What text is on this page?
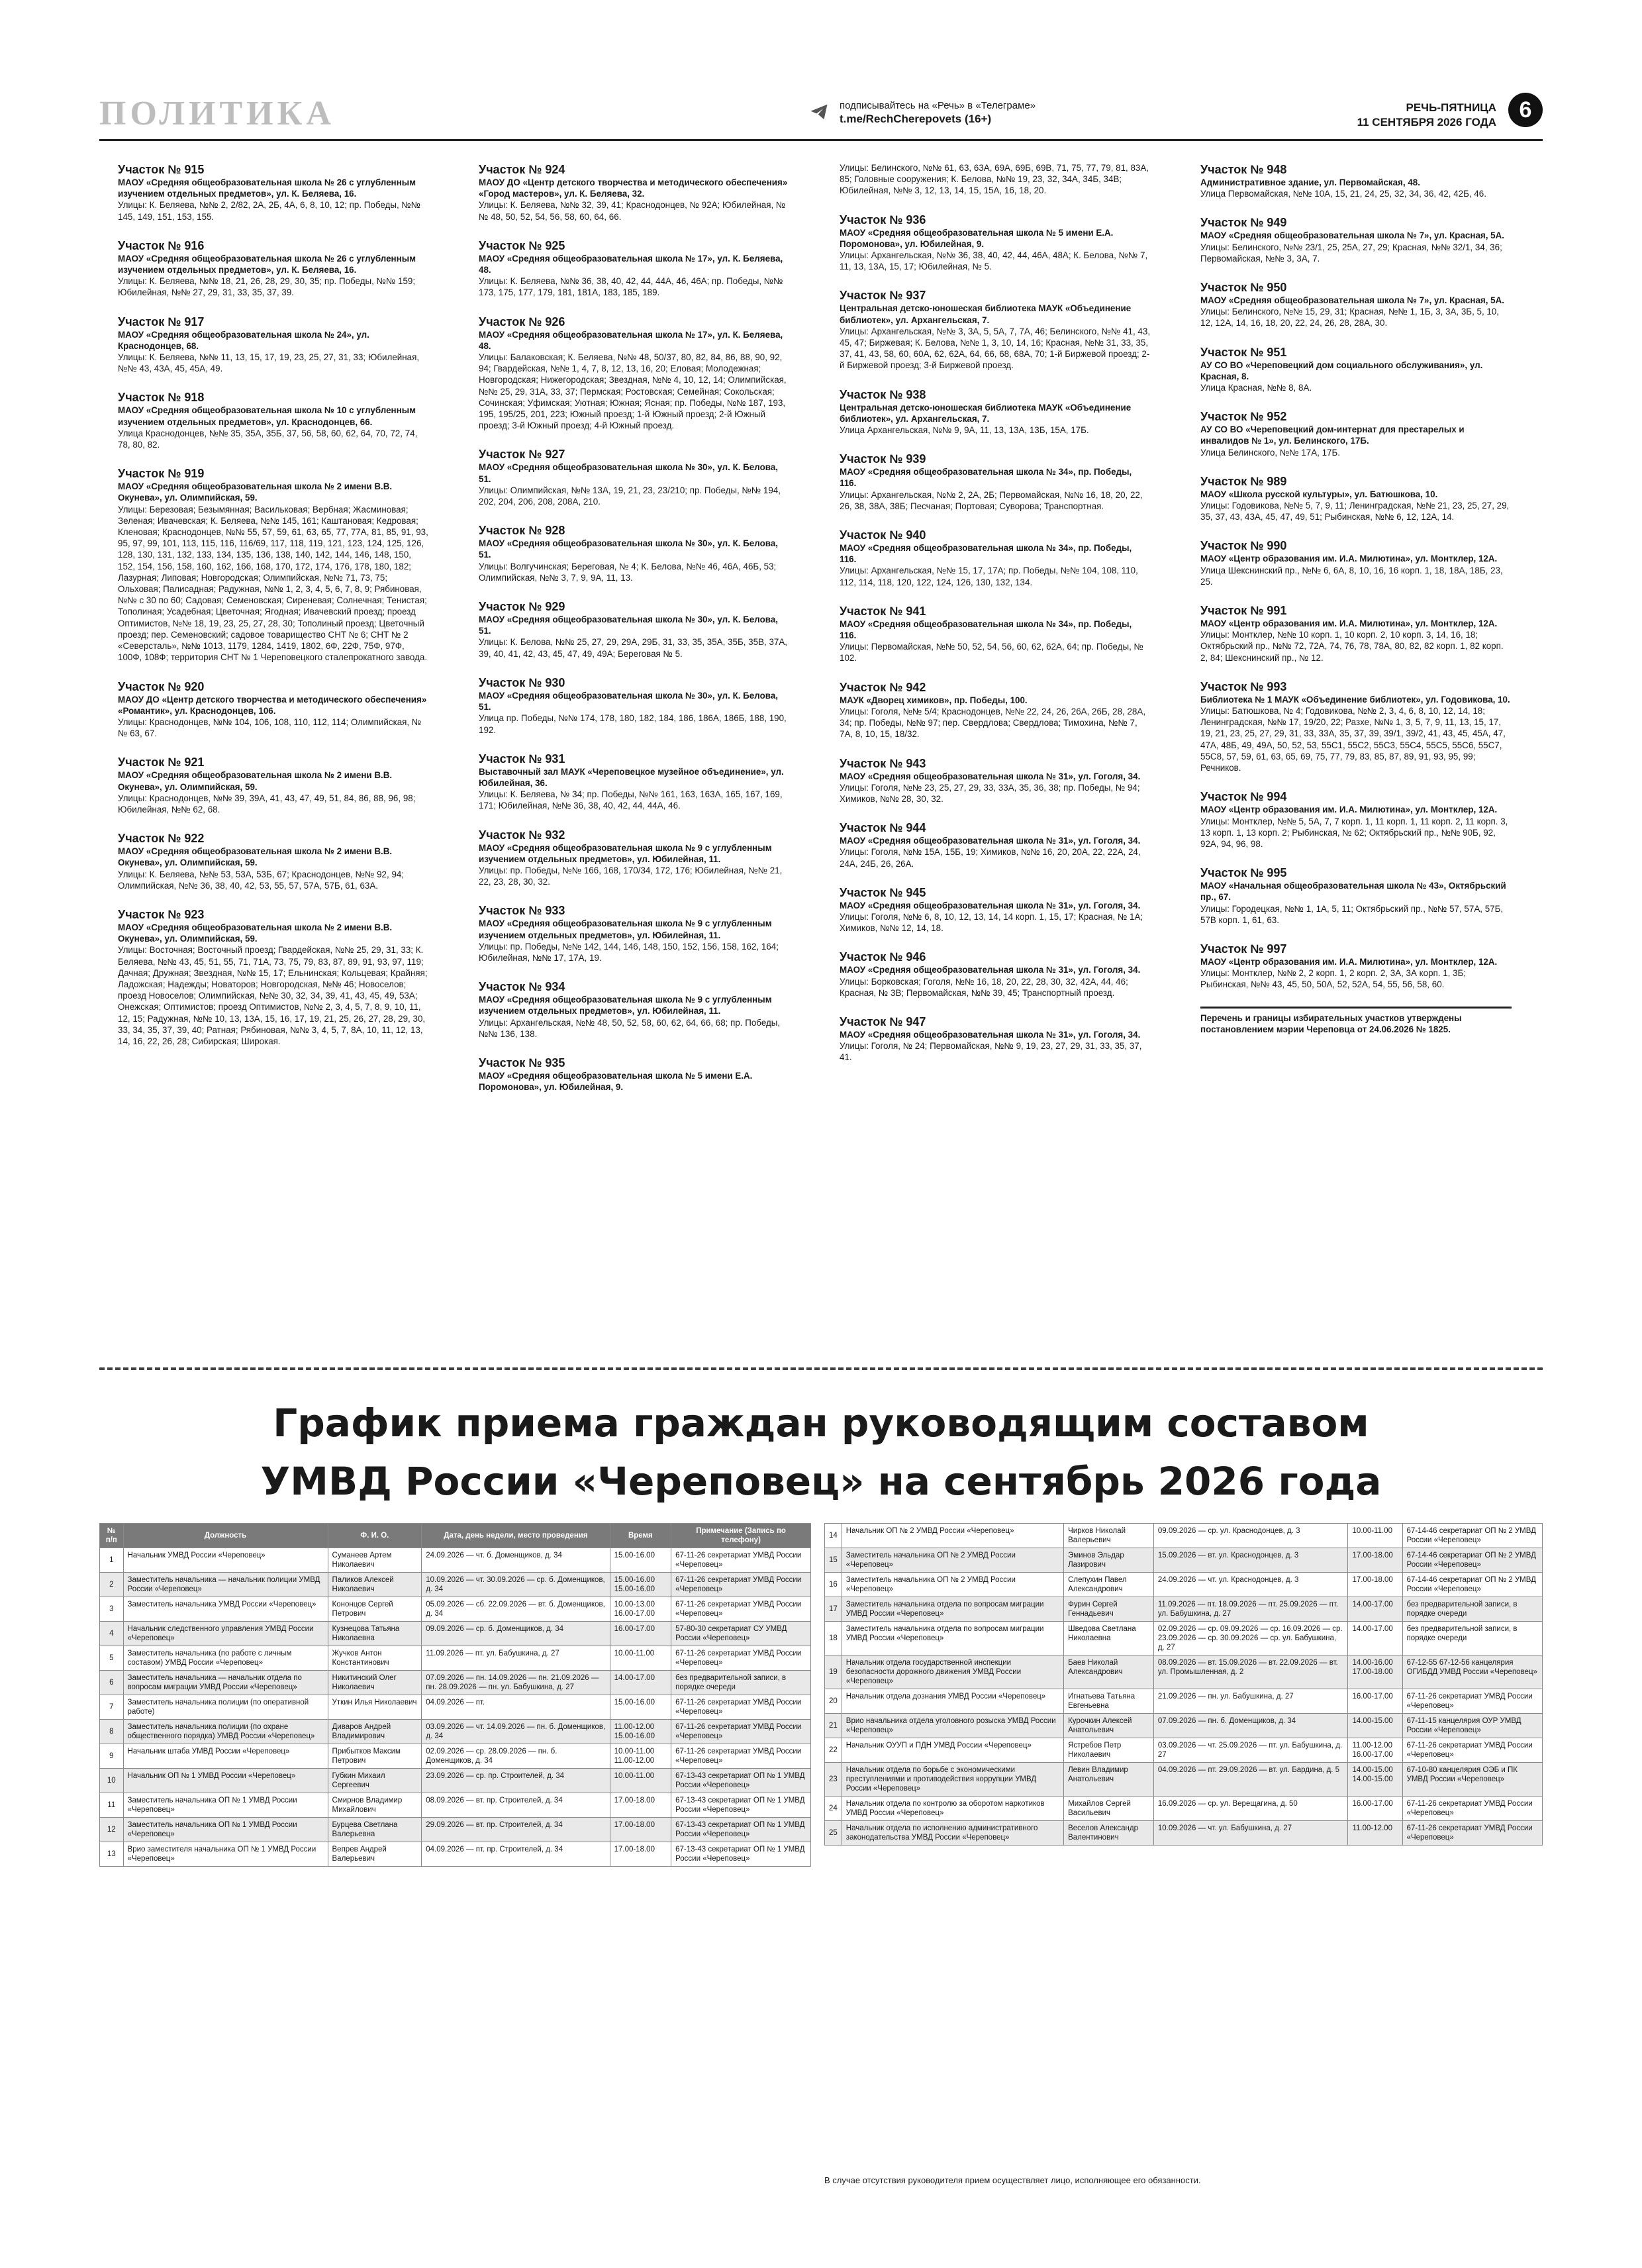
ПОЛИТИКА	подписывайтесь на «Речь» в «Телеграме»
t.me/RechCherepovets (16+)
РЕЧЬ-ПЯТНИЦА
11 СЕНТЯБРЯ 2026 ГОДА	6
Участок № 915
МАОУ «Средняя общеобразовательная школа № 26 с углубленным изучением отдельных предметов», ул. К. Беляева, 16.
Улицы: К. Беляева, №№ 2, 2/82, 2А, 2Б, 4А, 6, 8, 10, 12; пр. Победы, №№ 145, 149, 151, 153, 155.
Участок № 916
МАОУ «Средняя общеобразовательная школа № 26 с углубленным изучением отдельных предметов», ул. К. Беляева, 16.
Улицы: К. Беляева, №№ 18, 21, 26, 28, 29, 30, 35; пр. Победы, №№ 159; Юбилейная, №№ 27, 29, 31, 33, 35, 37, 39.
Участок № 917
МАОУ «Средняя общеобразовательная школа № 24», ул. Краснодонцев, 68.
Улицы: К. Беляева, №№ 11, 13, 15, 17, 19, 23, 25, 27, 31, 33; Юбилейная, №№ 43, 43А, 45, 45А, 49.
Участок № 918
МАОУ «Средняя общеобразовательная школа № 10 с углубленным изучением отдельных предметов», ул. Краснодонцев, 66.
Улица Краснодонцев, №№ 35, 35А, 35Б, 37, 56, 58, 60, 62, 64, 70, 72, 74, 78, 80, 82.
Участок № 919
МАОУ «Средняя общеобразовательная школа № 2 имени В.В. Окунева», ул. Олимпийская, 59.
Улицы: Березовая; Безымянная; Васильковая; Вербная; Жасминовая; Зеленая; Ивачевская; К. Беляева, №№ 145, 161; Каштановая; Кедровая; Кленовая; Краснодонцев, №№ 55, 57, 59, 61, 63, 65, 77, 77А, 81, 85, 91, 93, 95, 97, 99, 101, 113, 115, 116, 116/69, 117, 118, 119, 121, 123, 124, 125, 126, 128, 130, 131, 132, 133, 134, 135, 136, 138, 140, 142, 144, 146, 148, 150, 152, 154, 156, 158, 160, 162, 166, 168, 170, 172, 174, 176, 178, 180, 182; Лазурная; Липовая; Новгородская; Олимпийская, №№ 71, 73, 75; Ольховая; Палисадная; Радужная, №№ 1, 2, 3, 4, 5, 6, 7, 8, 9; Рябиновая, №№ с 30 по 60; Садовая; Семеновская; Сиреневая; Солнечная; Тенистая; Тополиная; Усадебная; Цветочная; Ягодная; Ивачевский проезд; проезд Оптимистов, №№ 18, 19, 23, 25, 27, 28, 30; Тополиный проезд; Цветочный проезд; пер. Семеновский; садовое товарищество СНТ № 6; СНТ № 2 «Северсталь», №№ 1013, 1179, 1284, 1419, 1802, 6Ф, 22Ф, 75Ф, 97Ф, 100Ф, 108Ф; территория СНТ № 1 Череповецкого сталепрокатного завода.
Участок № 920
МАОУ ДО «Центр детского творчества и методического обеспечения» «Романтик», ул. Краснодонцев, 106.
Улицы: Краснодонцев, №№ 104, 106, 108, 110, 112, 114; Олимпийская, №№ 63, 67.
Участок № 921
МАОУ «Средняя общеобразовательная школа № 2 имени В.В. Окунева», ул. Олимпийская, 59.
Улицы: Краснодонцев, №№ 39, 39А, 41, 43, 47, 49, 51, 84, 86, 88, 96, 98; Юбилейная, №№ 62, 68.
Участок № 922
МАОУ «Средняя общеобразовательная школа № 2 имени В.В. Окунева», ул. Олимпийская, 59.
Улицы: К. Беляева, №№ 53, 53А, 53Б, 67; Краснодонцев, №№ 92, 94; Олимпийская, №№ 36, 38, 40, 42, 53, 55, 57, 57А, 57Б, 61, 63А.
Участок № 923
МАОУ «Средняя общеобразовательная школа № 2 имени В.В. Окунева», ул. Олимпийская, 59.
Улицы: Восточная; Восточный проезд; Гвардейская, №№ 25, 29, 31, 33; К. Беляева, №№ 43, 45, 51, 55, 71, 71А, 73, 75, 79, 83, 87, 89, 91, 93, 97, 119; Дачная; Дружная; Звездная, №№ 15, 17; Ельнинская; Кольцевая; Крайняя; Ладожская; Надежды; Новаторов; Новгородская, №№ 46; Новоселов; проезд Новоселов; Олимпийская, №№ 30, 32, 34, 39, 41, 43, 45, 49, 53А; Онежская; Оптимистов; проезд Оптимистов, №№ 2, 3, 4, 5, 7, 8, 9, 10, 11, 12, 15; Радужная, №№ 10, 13, 13А, 15, 16, 17, 19, 21, 25, 26, 27, 28, 29, 30, 33, 34, 35, 37, 39, 40; Ратная; Рябиновая, №№ 3, 4, 5, 7, 8А, 10, 11, 12, 13, 14, 16, 22, 26, 28; Сибирская; Широкая.
Участок № 924
МАОУ ДО «Центр детского творчества и методического обеспечения» «Город мастеров», ул. К. Беляева, 32.
Улицы: К. Беляева, №№ 32, 39, 41; Краснодонцев, № 92А; Юбилейная, №№ 48, 50, 52, 54, 56, 58, 60, 64, 66.
Участок № 925
МАОУ «Средняя общеобразовательная школа № 17», ул. К. Беляева, 48.
Улицы: К. Беляева, №№ 36, 38, 40, 42, 44, 44А, 46, 46А; пр. Победы, №№ 173, 175, 177, 179, 181, 181А, 183, 185, 189.
Участок № 926
МАОУ «Средняя общеобразовательная школа № 17», ул. К. Беляева, 48.
Улицы: Балаковская; К. Беляева, №№ 48, 50/37, 80, 82, 84, 86, 88, 90, 92, 94; Гвардейская, №№ 1, 4, 7, 8, 12, 13, 16, 20; Еловая; Молодежная; Новгородская; Нижегородская; Звездная, №№ 4, 10, 12, 14; Олимпийская, №№ 25, 29, 31А, 33, 37; Пермская; Ростовская; Семейная; Сокольская; Сочинская; Уфимская; Уютная; Южная; Ясная; пр. Победы, №№ 187, 193, 195, 195/25, 201, 223; Южный проезд; 1-й Южный проезд; 2-й Южный проезд; 3-й Южный проезд; 4-й Южный проезд.
Участок № 927
МАОУ «Средняя общеобразовательная школа № 30», ул. К. Белова, 51.
Улицы: Олимпийская, №№ 13А, 19, 21, 23, 23/210; пр. Победы, №№ 194, 202, 204, 206, 208, 208А, 210.
Участок № 928
МАОУ «Средняя общеобразовательная школа № 30», ул. К. Белова, 51.
Улицы: Волгучинская; Береговая, № 4; К. Белова, №№ 46, 46А, 46Б, 53; Олимпийская, №№ 3, 7, 9, 9А, 11, 13.
Участок № 929
МАОУ «Средняя общеобразовательная школа № 30», ул. К. Белова, 51.
Улицы: К. Белова, №№ 25, 27, 29, 29А, 29Б, 31, 33, 35, 35А, 35Б, 35В, 37А, 39, 40, 41, 42, 43, 45, 47, 49, 49А; Береговая № 5.
Участок № 930
МАОУ «Средняя общеобразовательная школа № 30», ул. К. Белова, 51.
Улица пр. Победы, №№ 174, 178, 180, 182, 184, 186, 186А, 186Б, 188, 190, 192.
Участок № 931
Выставочный зал МАУК «Череповецкое музейное объединение», ул. Юбилейная, 36.
Улицы: К. Беляева, № 34; пр. Победы, №№ 161, 163, 163А, 165, 167, 169, 171; Юбилейная, №№ 36, 38, 40, 42, 44, 44А, 46.
Участок № 932
МАОУ «Средняя общеобразовательная школа № 9 с углубленным изучением отдельных предметов», ул. Юбилейная, 11.
Улицы: пр. Победы, №№ 166, 168, 170/34, 172, 176; Юбилейная, №№ 21, 22, 23, 28, 30, 32.
Участок № 933
МАОУ «Средняя общеобразовательная школа № 9 с углубленным изучением отдельных предметов», ул. Юбилейная, 11.
Улицы: пр. Победы, №№ 142, 144, 146, 148, 150, 152, 156, 158, 162, 164; Юбилейная, №№ 17, 17А, 19.
Участок № 934
МАОУ «Средняя общеобразовательная школа № 9 с углубленным изучением отдельных предметов», ул. Юбилейная, 11.
Улицы: Архангельская, №№ 48, 50, 52, 58, 60, 62, 64, 66, 68; пр. Победы, №№ 136, 138.
Участок № 935
МАОУ «Средняя общеобразовательная школа № 5 имени Е.А. Поромонова», ул. Юбилейная, 9.
Улицы: Белинского, №№ 61, 63, 63А, 69А, 69Б, 69В, 71, 75, 77, 79, 81, 83А, 85; Головные сооружения; К. Белова, №№ 19, 23, 32, 34А, 34Б, 34В; Юбилейная, №№ 3, 12, 13, 14, 15, 15А, 16, 18, 20.
Участок № 936
МАОУ «Средняя общеобразовательная школа № 5 имени Е.А. Поромонова», ул. Юбилейная, 9.
Улицы: Архангельская, №№ 36, 38, 40, 42, 44, 46А, 48А; К. Белова, №№ 7, 11, 13, 13А, 15, 17; Юбилейная, № 5.
Участок № 937
Центральная детско-юношеская библиотека МАУК «Объединение библиотек», ул. Архангельская, 7.
Улицы: Архангельская, №№ 3, 3А, 5, 5А, 7, 7А, 46; Белинского, №№ 41, 43, 45, 47; Биржевая; К. Белова, №№ 1, 3, 10, 14, 16; Красная, №№ 31, 33, 35, 37, 41, 43, 58, 60, 60А, 62, 62А, 64, 66, 68, 68А, 70; 1-й Биржевой проезд; 2-й Биржевой проезд; 3-й Биржевой проезд.
Участок № 938
Центральная детско-юношеская библиотека МАУК «Объединение библиотек», ул. Архангельская, 7.
Улица Архангельская, №№ 9, 9А, 11, 13, 13А, 13Б, 15А, 17Б.
Участок № 939
МАОУ «Средняя общеобразовательная школа № 34», пр. Победы, 116.
Улицы: Архангельская, №№ 2, 2А, 2Б; Первомайская, №№ 16, 18, 20, 22, 26, 38, 38А, 38Б; Песчаная; Портовая; Суворова; Транспортная.
Участок № 940
МАОУ «Средняя общеобразовательная школа № 34», пр. Победы, 116.
Улицы: Архангельская, №№ 15, 17, 17А; пр. Победы, №№ 104, 108, 110, 112, 114, 118, 120, 122, 124, 126, 130, 132, 134.
Участок № 941
МАОУ «Средняя общеобразовательная школа № 34», пр. Победы, 116.
Улицы: Первомайская, №№ 50, 52, 54, 56, 60, 62, 62А, 64; пр. Победы, № 102.
Участок № 942
МАУК «Дворец химиков», пр. Победы, 100.
Улицы: Гоголя, №№ 5/4; Краснодонцев, №№ 22, 24, 26, 26А, 26Б, 28, 28А, 34; пр. Победы, №№ 97; пер. Свердлова; Свердлова; Тимохина, №№ 7, 7А, 8, 10, 15, 18/32.
Участок № 943
МАОУ «Средняя общеобразовательная школа № 31», ул. Гоголя, 34.
Улицы: Гоголя, №№ 23, 25, 27, 29, 33, 33А, 35, 36, 38; пр. Победы, № 94; Химиков, №№ 28, 30, 32.
Участок № 944
МАОУ «Средняя общеобразовательная школа № 31», ул. Гоголя, 34.
Улицы: Гоголя, №№ 15А, 15Б, 19; Химиков, №№ 16, 20, 20А, 22, 22А, 24, 24А, 24Б, 26, 26А.
Участок № 945
МАОУ «Средняя общеобразовательная школа № 31», ул. Гоголя, 34.
Улицы: Гоголя, №№ 6, 8, 10, 12, 13, 14, 14 корп. 1, 15, 17; Красная, № 1А; Химиков, №№ 12, 14, 18.
Участок № 946
МАОУ «Средняя общеобразовательная школа № 31», ул. Гоголя, 34.
Улицы: Борковская; Гоголя, №№ 16, 18, 20, 22, 28, 30, 32, 42А, 44, 46; Красная, № 3В; Первомайская, №№ 39, 45; Транспортный проезд.
Участок № 947
МАОУ «Средняя общеобразовательная школа № 31», ул. Гоголя, 34.
Улицы: Гоголя, № 24; Первомайская, №№ 9, 19, 23, 27, 29, 31, 33, 35, 37, 41.
Участок № 948
Административное здание, ул. Первомайская, 48.
Улица Первомайская, №№ 10А, 15, 21, 24, 25, 32, 34, 36, 42, 42Б, 46.
Участок № 949
МАОУ «Средняя общеобразовательная школа № 7», ул. Красная, 5А.
Улицы: Белинского, №№ 23/1, 25, 25А, 27, 29; Красная, №№ 32/1, 34, 36; Первомайская, №№ 3, 3А, 7.
Участок № 950
МАОУ «Средняя общеобразовательная школа № 7», ул. Красная, 5А.
Улицы: Белинского, №№ 15, 29, 31; Красная, №№ 1, 1Б, 3, 3А, 3Б, 5, 10, 12, 12А, 14, 16, 18, 20, 22, 24, 26, 28, 28А, 30.
Участок № 951
АУ СО ВО «Череповецкий дом социального обслуживания», ул. Красная, 8.
Улица Красная, №№ 8, 8А.
Участок № 952
АУ СО ВО «Череповецкий дом-интернат для престарелых и инвалидов № 1», ул. Белинского, 17Б.
Улица Белинского, №№ 17А, 17Б.
Участок № 989
МАОУ «Школа русской культуры», ул. Батюшкова, 10.
Улицы: Годовикова, №№ 5, 7, 9, 11; Ленинградская, №№ 21, 23, 25, 27, 29, 35, 37, 43, 43А, 45, 47, 49, 51; Рыбинская, №№ 6, 12, 12А, 14.
Участок № 990
МАОУ «Центр образования им. И.А. Милютина», ул. Монтклер, 12А.
Улица Шекснинский пр., №№ 6, 6А, 8, 10, 16, 16 корп. 1, 18, 18А, 18Б, 23, 25.
Участок № 991
МАОУ «Центр образования им. И.А. Милютина», ул. Монтклер, 12А.
Улицы: Монтклер, №№ 10 корп. 1, 10 корп. 2, 10 корп. 3, 14, 16, 18; Октябрьский пр., №№ 72, 72А, 74, 76, 78, 78А, 80, 82, 82 корп. 1, 82 корп. 2, 84; Шекснинский пр., № 12.
Участок № 993
Библиотека № 1 МАУК «Объединение библиотек», ул. Годовикова, 10.
Улицы: Батюшкова, № 4; Годовикова, №№ 2, 3, 4, 6, 8, 10, 12, 14, 18; Ленинградская, №№ 17, 19/20, 22; Разхе, №№ 1, 3, 5, 7, 9, 11, 13, 15, 17, 19, 21, 23, 25, 27, 29, 31, 33, 33А, 35, 37, 39, 39/1, 39/2, 41, 43, 45, 45А, 47, 47А, 48Б, 49, 49А, 50, 52, 53, 55С1, 55С2, 55С3, 55С4, 55С5, 55С6, 55С7, 55С8, 57, 59, 61, 63, 65, 69, 75, 77, 79, 83, 85, 87, 89, 91, 93, 95, 99; Речников.
Участок № 994
МАОУ «Центр образования им. И.А. Милютина», ул. Монтклер, 12А.
Улицы: Монтклер, №№ 5, 5А, 7, 7 корп. 1, 11 корп. 1, 11 корп. 2, 11 корп. 3, 13 корп. 1, 13 корп. 2; Рыбинская, № 62; Октябрьский пр., №№ 90Б, 92, 92А, 94, 96, 98.
Участок № 995
МАОУ «Начальная общеобразовательная школа № 43», Октябрьский пр., 67.
Улицы: Городецкая, №№ 1, 1А, 5, 11; Октябрьский пр., №№ 57, 57А, 57Б, 57В корп. 1, 61, 63.
Участок № 997
МАОУ «Центр образования им. И.А. Милютина», ул. Монтклер, 12А.
Улицы: Монтклер, №№ 2, 2 корп. 1, 2 корп. 2, 3А, 3А корп. 1, 3Б; Рыбинская, №№ 43, 45, 50, 50А, 52, 52А, 54, 55, 56, 58, 60.
Перечень и границы избирательных участков утверждены постановлением мэрии Череповца от 24.06.2026 № 1825.
График приема граждан руководящим составом
УМВД России «Череповец» на сентябрь 2026 года
№ п/п	Должность	Ф. И. О.	Дата, день недели, место проведения	Время	Примечание (Запись по телефону)
1	Начальник УМВД России «Череповец»	Суманеев Артем Николаевич	24.09.2026 — чт. б. Доменщиков, д. 34	15.00-16.00	67-11-26 секретариат УМВД России «Череповец»
2	Заместитель начальника — начальник полиции УМВД России «Череповец»	Паликов Алексей Николаевич	10.09.2026 — чт. 30.09.2026 — ср. б. Доменщиков, д. 34	15.00-16.00 15.00-16.00	67-11-26 секретариат УМВД России «Череповец»
3	Заместитель начальника УМВД России «Череповец»	Кононцов Сергей Петрович	05.09.2026 — сб. 22.09.2026 — вт. б. Доменщиков, д. 34	10.00-13.00 16.00-17.00	67-11-26 секретариат УМВД России «Череповец»
4	Начальник следственного управления УМВД России «Череповец»	Кузнецова Татьяна Николаевна	09.09.2026 — ср. б. Доменщиков, д. 34	16.00-17.00	57-80-30 секретариат СУ УМВД России «Череповец»
5	Заместитель начальника (по работе с личным составом) УМВД России «Череповец»	Жучков Антон Константинович	11.09.2026 — пт. ул. Бабушкина, д. 27	10.00-11.00	67-11-26 секретариат УМВД России «Череповец»
6	Заместитель начальника — начальник отдела по вопросам миграции УМВД России «Череповец»	Никитинский Олег Николаевич	07.09.2026 — пн. 14.09.2026 — пн. 21.09.2026 — пн. 28.09.2026 — пн. ул. Бабушкина, д. 27	14.00-17.00	без предварительной записи, в порядке очереди
7	Заместитель начальника полиции (по оперативной работе)	Уткин Илья Николаевич	04.09.2026 — пт.	15.00-16.00	67-11-26 секретариат УМВД России «Череповец»
8	Заместитель начальника полиции (по охране общественного порядка) УМВД России «Череповец»	Диваров Андрей Владимирович	03.09.2026 — чт. 14.09.2026 — пн. б. Доменщиков, д. 34	11.00-12.00 15.00-16.00	67-11-26 секретариат УМВД России «Череповец»
9	Начальник штаба УМВД России «Череповец»	Прибытков Максим Петрович	02.09.2026 — ср. 28.09.2026 — пн. б. Доменщиков, д. 34	10.00-11.00 11.00-12.00	67-11-26 секретариат УМВД России «Череповец»
10	Начальник ОП № 1 УМВД России «Череповец»	Губкин Михаил Сергеевич	23.09.2026 — ср. пр. Строителей, д. 34	10.00-11.00	67-13-43 секретариат ОП № 1 УМВД России «Череповец»
11	Заместитель начальника ОП № 1 УМВД России «Череповец»	Смирнов Владимир Михайлович	08.09.2026 — вт. пр. Строителей, д. 34	17.00-18.00	67-13-43 секретариат ОП № 1 УМВД России «Череповец»
12	Заместитель начальника ОП № 1 УМВД России «Череповец»	Бурцева Светлана Валерьевна	29.09.2026 — вт. пр. Строителей, д. 34	17.00-18.00	67-13-43 секретариат ОП № 1 УМВД России «Череповец»
13	Врио заместителя начальника ОП № 1 УМВД России «Череповец»	Вепрев Андрей Валерьевич	04.09.2026 — пт. пр. Строителей, д. 34	17.00-18.00	67-13-43 секретариат ОП № 1 УМВД России «Череповец»
14	Начальник ОП № 2 УМВД России «Череповец»	Чирков Николай Валерьевич	09.09.2026 — ср. ул. Краснодонцев, д. 3	10.00-11.00	67-14-46 секретариат ОП № 2 УМВД России «Череповец»
15	Заместитель начальника ОП № 2 УМВД России «Череповец»	Эминов Эльдар Лазирович	15.09.2026 — вт. ул. Краснодонцев, д. 3	17.00-18.00	67-14-46 секретариат ОП № 2 УМВД России «Череповец»
16	Заместитель начальника ОП № 2 УМВД России «Череповец»	Слепухин Павел Александрович	24.09.2026 — чт. ул. Краснодонцев, д. 3	17.00-18.00	67-14-46 секретариат ОП № 2 УМВД России «Череповец»
17	Заместитель начальника отдела по вопросам миграции УМВД России «Череповец»	Фурин Сергей Геннадьевич	11.09.2026 — пт. 18.09.2026 — пт. 25.09.2026 — пт. ул. Бабушкина, д. 27	14.00-17.00	без предварительной записи, в порядке очереди
18	Заместитель начальника отдела по вопросам миграции УМВД России «Череповец»	Шведова Светлана Николаевна	02.09.2026 — ср. 09.09.2026 — ср. 16.09.2026 — ср. 23.09.2026 — ср. 30.09.2026 — ср. ул. Бабушкина, д. 27	14.00-17.00	без предварительной записи, в порядке очереди
19	Начальник отдела государственной инспекции безопасности дорожного движения УМВД России «Череповец»	Баев Николай Александрович	08.09.2026 — вт. 15.09.2026 — вт. 22.09.2026 — вт. ул. Промышленная, д. 2	14.00-16.00 17.00-18.00	67-12-55 67-12-56 канцелярия ОГИБДД УМВД России «Череповец»
20	Начальник отдела дознания УМВД России «Череповец»	Игнатьева Татьяна Евгеньевна	21.09.2026 — пн. ул. Бабушкина, д. 27	16.00-17.00	67-11-26 секретариат УМВД России «Череповец»
21	Врио начальника отдела уголовного розыска УМВД России «Череповец»	Курочкин Алексей Анатольевич	07.09.2026 — пн. б. Доменщиков, д. 34	14.00-15.00	67-11-15 канцелярия ОУР УМВД России «Череповец»
22	Начальник ОУУП и ПДН УМВД России «Череповец»	Ястребов Петр Николаевич	03.09.2026 — чт. 25.09.2026 — пт. ул. Бабушкина, д. 27	11.00-12.00 16.00-17.00	67-11-26 секретариат УМВД России «Череповец»
23	Начальник отдела по борьбе с экономическими преступлениями и противодействия коррупции УМВД России «Череповец»	Левин Владимир Анатольевич	04.09.2026 — пт. 29.09.2026 — вт. ул. Бардина, д. 5	14.00-15.00 14.00-15.00	67-10-80 канцелярия ОЭБ и ПК УМВД России «Череповец»
24	Начальник отдела по контролю за оборотом наркотиков УМВД России «Череповец»	Михайлов Сергей Васильевич	16.09.2026 — ср. ул. Верещагина, д. 50	16.00-17.00	67-11-26 секретариат УМВД России «Череповец»
25	Начальник отдела по исполнению административного законодательства УМВД России «Череповец»	Веселов Александр Валентинович	10.09.2026 — чт. ул. Бабушкина, д. 27	11.00-12.00	67-11-26 секретариат УМВД России «Череповец»
В случае отсутствия руководителя прием осуществляет лицо, исполняющее его обязанности.
